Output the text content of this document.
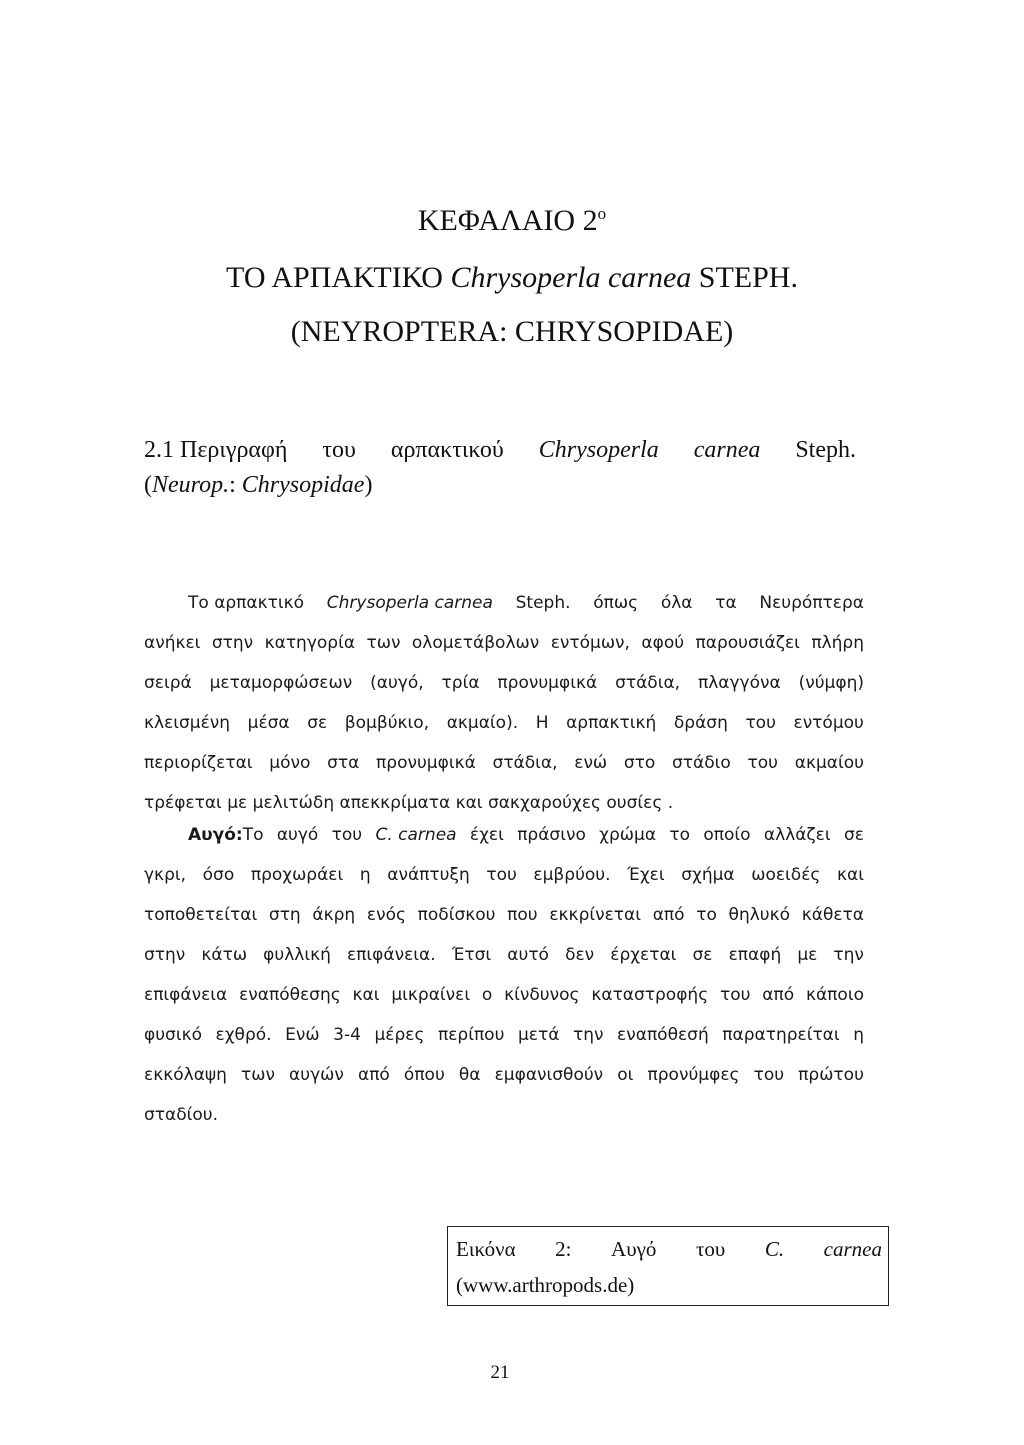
ΚΕΦΑΛΑΙΟ $2^o$
ΤΟ ΑΡΠΑΚΤΙΚΟ Chrysoperla carnea STEPH.
(NEYROPTERA: CHRYSOPIDAE)
2.1 Περιγραφή του αρπακτικού Chrysoperla carnea Steph.
(Neurop.: Chrysopidae)
Το αρπακτικό Chrysoperla carnea Steph. όπως όλα τα Νευρόπτερα
ανήκει στην κατηγορία των ολομετάβολων εντόμων, αφού παρουσιάζει πλήρη
σειρά μεταμορφώσεων (αυγό, τρία προνυμφικά στάδια, πλαγγόνα (νύμφη)
κλεισμένη μέσα σε βομβύκιο, ακμαίο). Η αρπακτική δράση του εντόμου
περιορίζεται μόνο στα προνυμφικά στάδια, ενώ στο στάδιο του ακμαίου
τρέφεται με μελιτώδη απεκκρίματα και σακχαρούχες ουσίες .
Αυγό:Το αυγό του C. carnea έχει πράσινο χρώμα το οποίο αλλάζει σε
γκρι, όσο προχωράει η ανάπτυξη του εμβρύου. Έχει σχήμα ωοειδές και
τοποθετείται στη άκρη ενός ποδίσκου που εκκρίνεται από το θηλυκό κάθετα
στην κάτω φυλλική επιφάνεια. Έτσι αυτό δεν έρχεται σε επαφή με την
επιφάνεια εναπόθεσης και μικραίνει ο κίνδυνος καταστροφής του από κάποιο
φυσικό εχθρό. Ενώ 3-4 μέρες περίπου μετά την εναπόθεσή παρατηρείται η
εκκόλαψη των αυγών από όπου θα εμφανισθούν οι προνύμφες του πρώτου
σταδίου.
Εικόνα 2: Αυγό του C. carnea
(www.arthropods.de)
21
